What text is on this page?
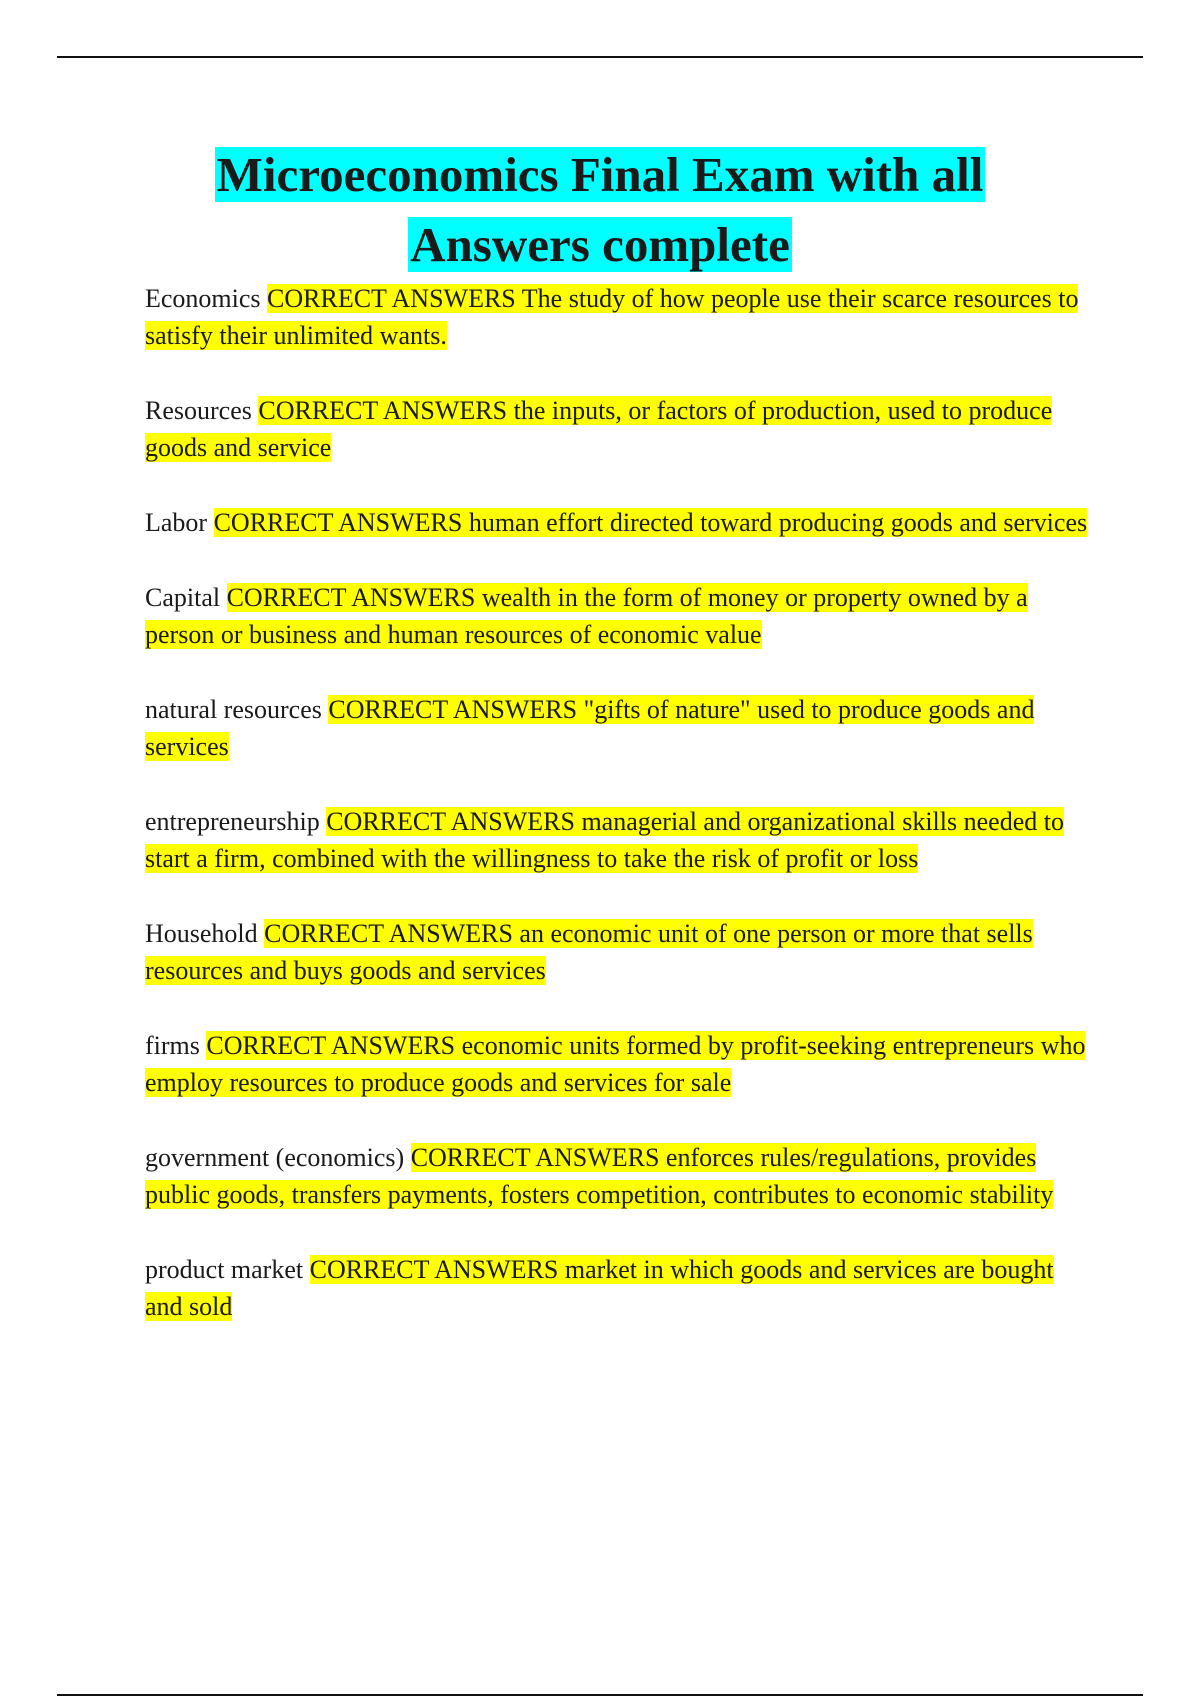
Microeconomics Final Exam with all
Answers complete

Economics CORRECT ANSWERS The study of how people use their scarce resources to satisfy their unlimited wants.

Resources CORRECT ANSWERS the inputs, or factors of production, used to produce goods and service

Labor CORRECT ANSWERS human effort directed toward producing goods and services

Capital CORRECT ANSWERS wealth in the form of money or property owned by a person or business and human resources of economic value

natural resources CORRECT ANSWERS "gifts of nature" used to produce goods and services

entrepreneurship CORRECT ANSWERS managerial and organizational skills needed to start a firm, combined with the willingness to take the risk of profit or loss

Household CORRECT ANSWERS an economic unit of one person or more that sells resources and buys goods and services

firms CORRECT ANSWERS economic units formed by profit-seeking entrepreneurs who employ resources to produce goods and services for sale

government (economics) CORRECT ANSWERS enforces rules/regulations, provides public goods, transfers payments, fosters competition, contributes to economic stability

product market CORRECT ANSWERS market in which goods and services are bought and sold
